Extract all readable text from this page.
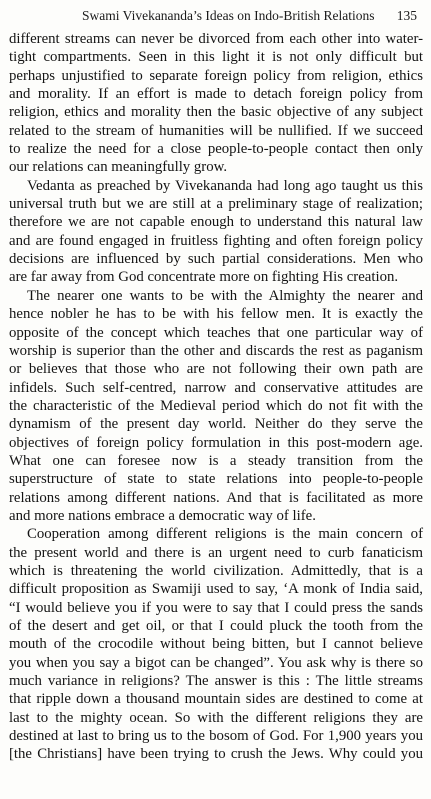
Swami Vivekananda’s Ideas on Indo-British Relations 135
different streams can never be divorced from each other into water-
tight compartments. Seen in this light it is not only difficult but
perhaps unjustified to separate foreign policy from religion, ethics
and morality. If an effort is made to detach foreign policy from
religion, ethics and morality then the basic objective of any subject
related to the stream of humanities will be nullified. If we succeed
to realize the need for a close people-to-people contact then only
our relations can meaningfully grow.
Vedanta as preached by Vivekananda had long ago taught us this
universal truth but we are still at a preliminary stage of realization;
therefore we are not capable enough to understand this natural law
and are found engaged in fruitless fighting and often foreign policy
decisions are influenced by such partial considerations. Men who
are far away from God concentrate more on fighting His creation.
The nearer one wants to be with the Almighty the nearer and
hence nobler he has to be with his fellow men. It is exactly the
opposite of the concept which teaches that one particular way of
worship is superior than the other and discards the rest as paganism
or believes that those who are not following their own path are
infidels. Such self-centred, narrow and conservative attitudes are
the characteristic of the Medieval period which do not fit with the
dynamism of the present day world. Neither do they serve the
objectives of foreign policy formulation in this post-modern age.
What one can foresee now is a steady transition from the
superstructure of state to state relations into people-to-people
relations among different nations. And that is facilitated as more
and more nations embrace a democratic way of life.
Cooperation among different religions is the main concern of
the present world and there is an urgent need to curb fanaticism
which is threatening the world civilization. Admittedly, that is a
difficult proposition as Swamiji used to say, ‘A monk of India said,
“I would believe you if you were to say that I could press the sands
of the desert and get oil, or that I could pluck the tooth from the
mouth of the crocodile without being bitten, but I cannot believe
you when you say a bigot can be changed”. You ask why is there so
much variance in religions? The answer is this : The little streams
that ripple down a thousand mountain sides are destined to come at
last to the mighty ocean. So with the different religions they are
destined at last to bring us to the bosom of God. For 1,900 years you
[the Christians] have been trying to crush the Jews. Why could you
